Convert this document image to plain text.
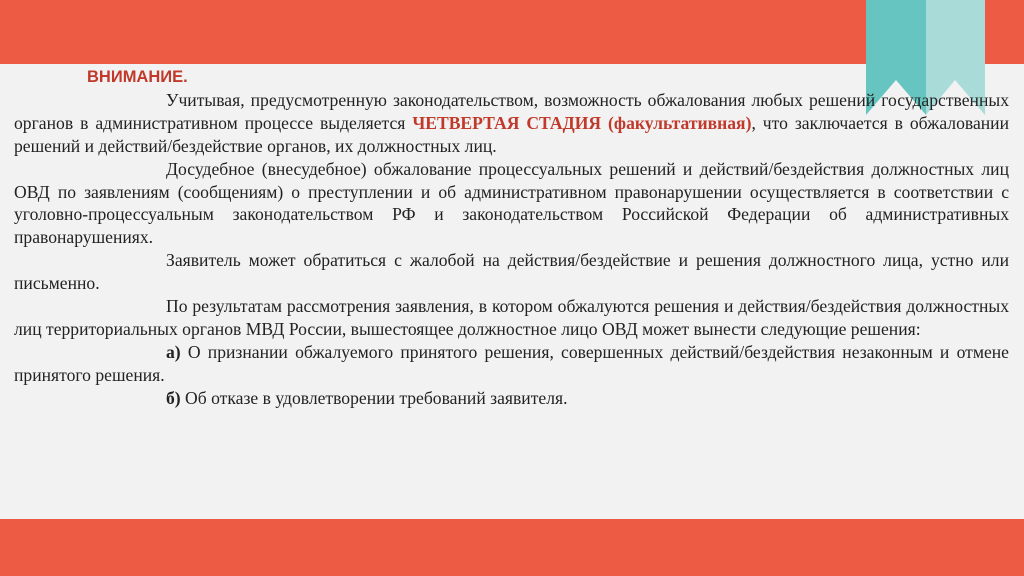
ВНИМАНИЕ.

Учитывая, предусмотренную законодательством, возможность обжалования любых решений государственных органов в административном процессе выделяется ЧЕТВЕРТАЯ СТАДИЯ (факультативная), что заключается в обжаловании решений и действий/бездействие органов, их должностных лиц.

Досудебное (внесудебное) обжалование процессуальных решений и действий/бездействия должностных лиц ОВД по заявлениям (сообщениям) о преступлении и об административном правонарушении осуществляется в соответствии с уголовно-процессуальным законодательством РФ и законодательством Российской Федерации об административных правонарушениях.

Заявитель может обратиться с жалобой на действия/бездействие и решения должностного лица, устно или письменно.

По результатам рассмотрения заявления, в котором обжалуются решения и действия/бездействия должностных лиц территориальных органов МВД России, вышестоящее должностное лицо ОВД может вынести следующие решения:

а) О признании обжалуемого принятого решения, совершенных действий/бездействия незаконным и отмене принятого решения.

б) Об отказе в удовлетворении требований заявителя.
